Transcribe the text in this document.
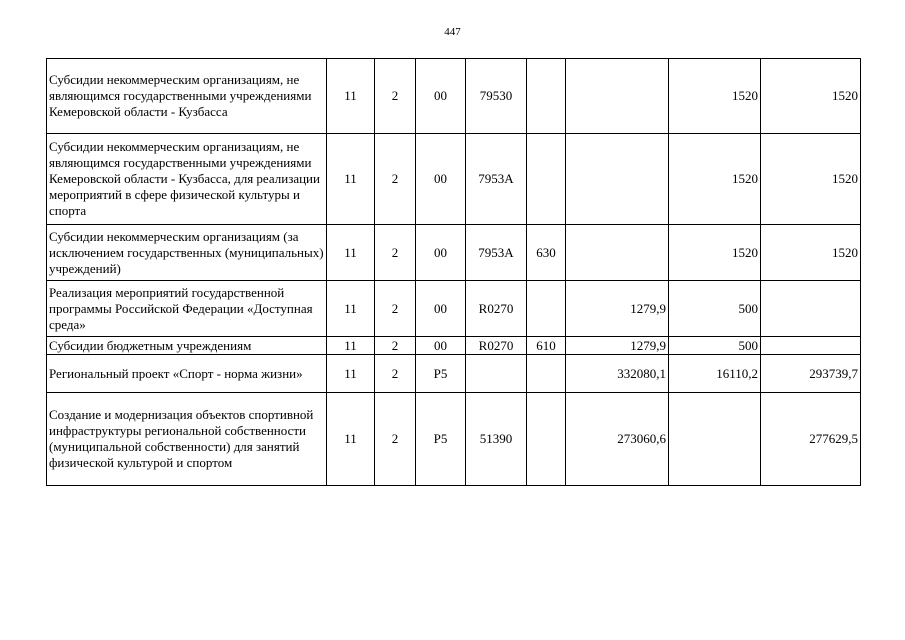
447
Субсидии некоммерческим организациям, не являющимся государственными учреждениями Кемеровской области - Кузбасса	11	2	00	79530			1520	1520
Субсидии некоммерческим организациям, не являющимся государственными учреждениями Кемеровской области - Кузбасса, для реализации мероприятий в сфере физической культуры и спорта	11	2	00	7953А			1520	1520
Субсидии некоммерческим организациям (за исключением государственных (муниципальных) учреждений)	11	2	00	7953А	630		1520	1520
Реализация мероприятий государственной программы Российской Федерации «Доступная среда»	11	2	00	R0270		1279,9	500	
Субсидии бюджетным учреждениям	11	2	00	R0270	610	1279,9	500	
Региональный проект «Спорт - норма жизни»	11	2	P5			332080,1	16110,2	293739,7
Создание и модернизация объектов спортивной инфраструктуры региональной собственности (муниципальной собственности) для занятий физической культурой и спортом	11	2	P5	51390		273060,6		277629,5
